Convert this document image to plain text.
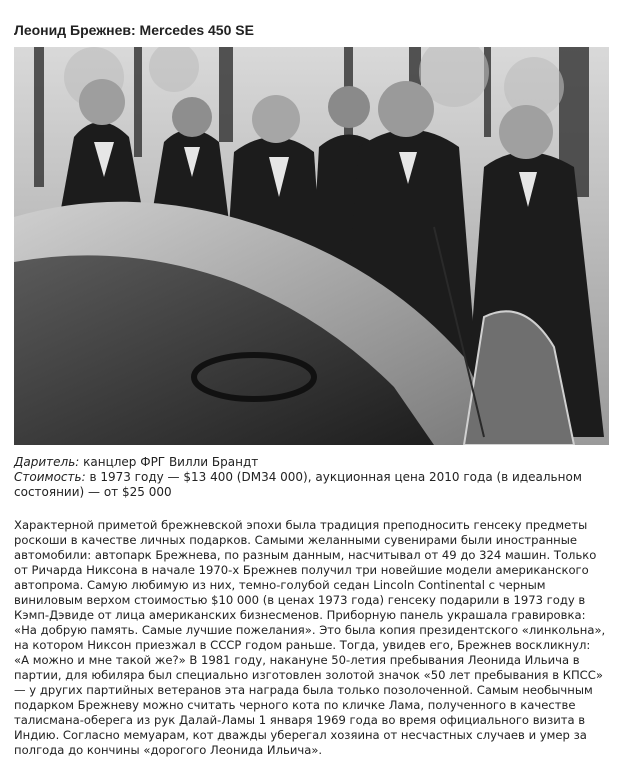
Леонид Брежнев: Mercedes 450 SE

Даритель: канцлер ФРГ Вилли Брандт

Стоимость: в 1973 году — $13 400 (DM34 000), аукционная цена 2010 года (в идеальном состоянии) — от $25 000

Характерной приметой брежневской эпохи была традиция преподносить генсеку предметы роскоши в качестве личных подарков. Самыми желанными сувенирами были иностранные автомобили: автопарк Брежнева, по разным данным, насчитывал от 49 до 324 машин. Только от Ричарда Никсона в начале 1970-х Брежнев получил три новейшие модели американского автопрома. Самую любимую из них, темно-голубой седан Lincoln Continental с черным виниловым верхом стоимостью $10 000 (в ценах 1973 года) генсеку подарили в 1973 году в Кэмп-Дэвиде от лица американских бизнесменов. Приборную панель украшала гравировка: «На добрую память. Самые лучшие пожелания». Это была копия президентского «линкольна», на котором Никсон приезжал в СССР годом раньше. Тогда, увидев его, Брежнев воскликнул: «А можно и мне такой же?» В 1981 году, накануне 50-летия пребывания Леонида Ильича в партии, для юбиляра был специально изготовлен золотой значок «50 лет пребывания в КПСС» — у других партийных ветеранов эта награда была только позолоченной. Самым необычным подарком Брежневу можно считать черного кота по кличке Лама, полученного в качестве талисмана-оберега из рук Далай-Ламы 1 января 1969 года во время официального визита в Индию. Согласно мемуарам, кот дважды уберегал хозяина от несчастных случаев и умер за полгода до кончины «дорогого Леонида Ильича».
